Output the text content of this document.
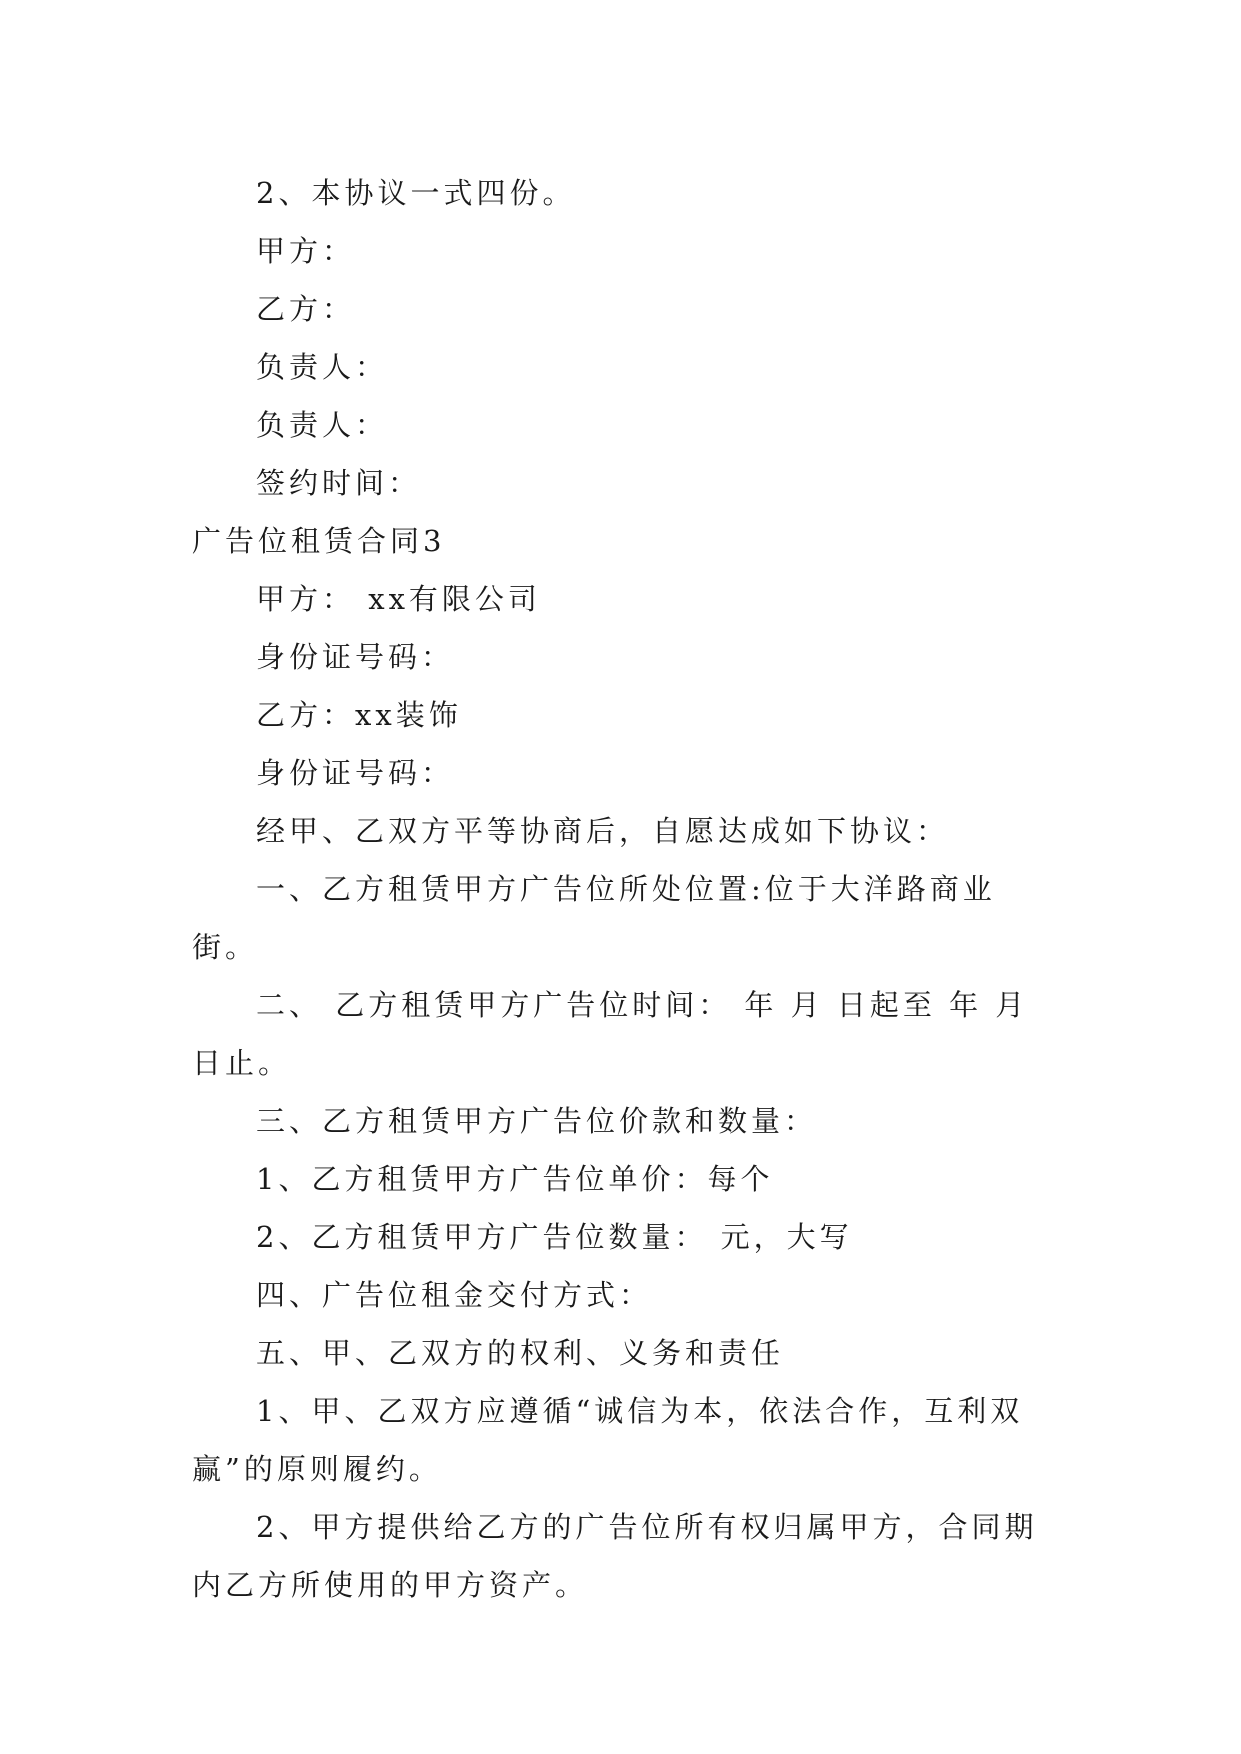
2、本协议一式四份。

甲方：

乙方：

负责人：

负责人：

签约时间：

广告位租赁合同3

甲方： xx有限公司

身份证号码：

乙方：xx装饰

身份证号码：

经甲、乙双方平等协商后，自愿达成如下协议：

一、乙方租赁甲方广告位所处位置:位于大洋路商业街。

二、 乙方租赁甲方广告位时间： 年 月 日起至 年 月日止。

三、乙方租赁甲方广告位价款和数量：

1、乙方租赁甲方广告位单价：每个

2、乙方租赁甲方广告位数量： 元，大写

四、广告位租金交付方式：

五、甲、乙双方的权利、义务和责任

1、甲、乙双方应遵循“诚信为本，依法合作，互利双赢”的原则履约。

2、甲方提供给乙方的广告位所有权归属甲方，合同期内乙方所使用的甲方资产。
